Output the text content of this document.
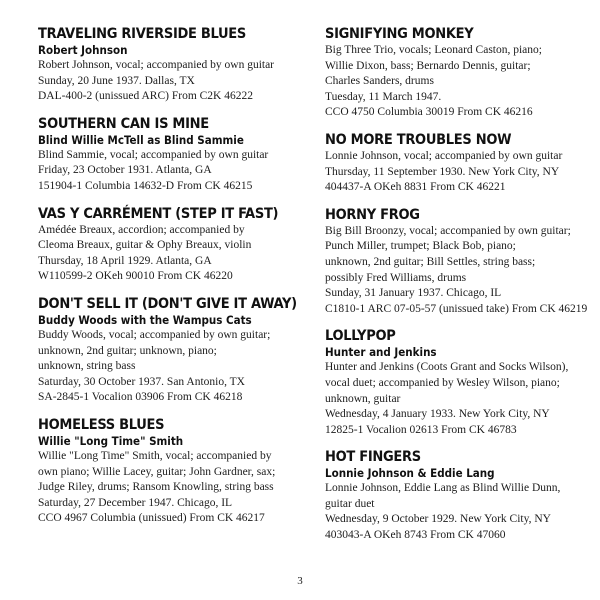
TRAVELING RIVERSIDE BLUES
Robert Johnson
Robert Johnson, vocal; accompanied by own guitar
Sunday, 20 June 1937. Dallas, TX
DAL-400-2 (unissued ARC) From C2K 46222
SOUTHERN CAN IS MINE
Blind Willie McTell as Blind Sammie
Blind Sammie, vocal; accompanied by own guitar
Friday, 23 October 1931. Atlanta, GA
151904-1 Columbia 14632-D From CK 46215
VAS Y CARRÉMENT (STEP IT FAST)
Amédée Breaux, accordion; accompanied by
Cleoma Breaux, guitar & Ophy Breaux, violin
Thursday, 18 April 1929. Atlanta, GA
W110599-2 OKeh 90010 From CK 46220
DON'T SELL IT (DON'T GIVE IT AWAY)
Buddy Woods with the Wampus Cats
Buddy Woods, vocal; accompanied by own guitar;
unknown, 2nd guitar; unknown, piano;
unknown, string bass
Saturday, 30 October 1937. San Antonio, TX
SA-2845-1 Vocalion 03906 From CK 46218
HOMELESS BLUES
Willie "Long Time" Smith
Willie "Long Time" Smith, vocal; accompanied by
own piano; Willie Lacey, guitar; John Gardner, sax;
Judge Riley, drums; Ransom Knowling, string bass
Saturday, 27 December 1947. Chicago, IL
CCO 4967 Columbia (unissued) From CK 46217
SIGNIFYING MONKEY
Big Three Trio, vocals; Leonard Caston, piano;
Willie Dixon, bass; Bernardo Dennis, guitar;
Charles Sanders, drums
Tuesday, 11 March 1947.
CCO 4750 Columbia 30019 From CK 46216
NO MORE TROUBLES NOW
Lonnie Johnson, vocal; accompanied by own guitar
Thursday, 11 September 1930. New York City, NY
404437-A OKeh 8831 From CK 46221
HORNY FROG
Big Bill Broonzy, vocal; accompanied by own guitar;
Punch Miller, trumpet; Black Bob, piano;
unknown, 2nd guitar; Bill Settles, string bass;
possibly Fred Williams, drums
Sunday, 31 January 1937. Chicago, IL
C1810-1 ARC 07-05-57 (unissued take) From CK 46219
LOLLYPOP
Hunter and Jenkins
Hunter and Jenkins (Coots Grant and Socks Wilson),
vocal duet; accompanied by Wesley Wilson, piano;
unknown, guitar
Wednesday, 4 January 1933. New York City, NY
12825-1 Vocalion 02613 From CK 46783
HOT FINGERS
Lonnie Johnson & Eddie Lang
Lonnie Johnson, Eddie Lang as Blind Willie Dunn,
guitar duet
Wednesday, 9 October 1929. New York City, NY
403043-A OKeh 8743 From CK 47060
3
